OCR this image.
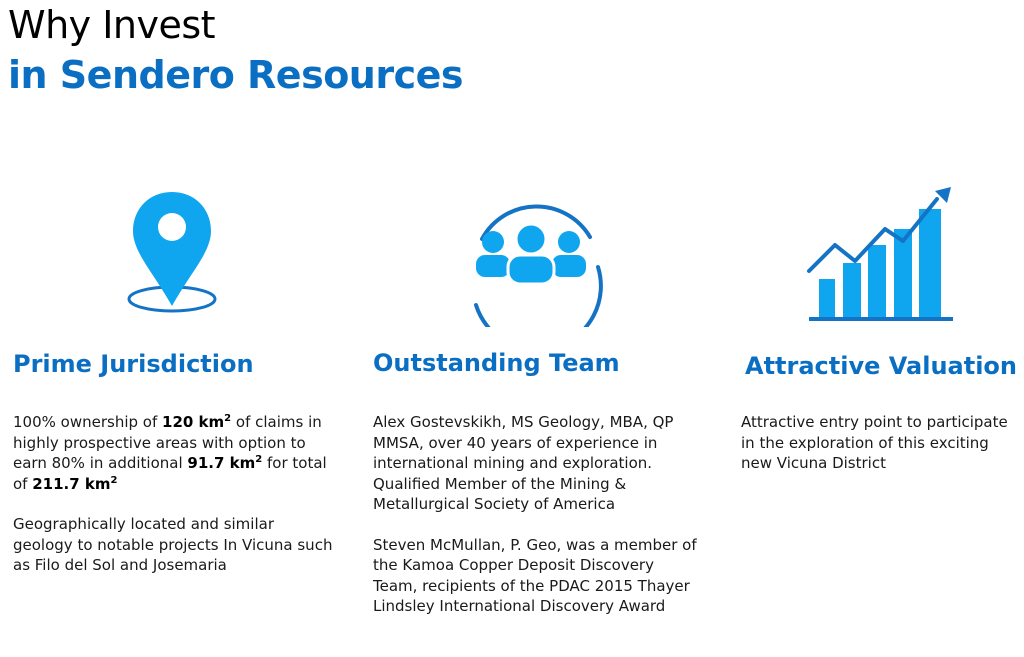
Why Invest
in Sendero Resources
Prime Jurisdiction	Outstanding Team	Attractive Valuation

100% ownership of 120 $km^2$ of claims in highly prospective areas with option to earn 80% in additional 91.7 $km^2$ for total of 211.7 $km^2$

Geographically located and similar geology to notable projects In Vicuna such as Filo del Sol and Josemaria

Alex Gostevskikh, MS Geology, MBA, QP MMSA, over 40 years of experience in international mining and exploration. Qualified Member of the Mining & Metallurgical Society of America

Steven McMullan, P. Geo, was a member of the Kamoa Copper Deposit Discovery Team, recipients of the PDAC 2015 Thayer Lindsley International Discovery Award

Attractive entry point to participate in the exploration of this exciting new Vicuna District
